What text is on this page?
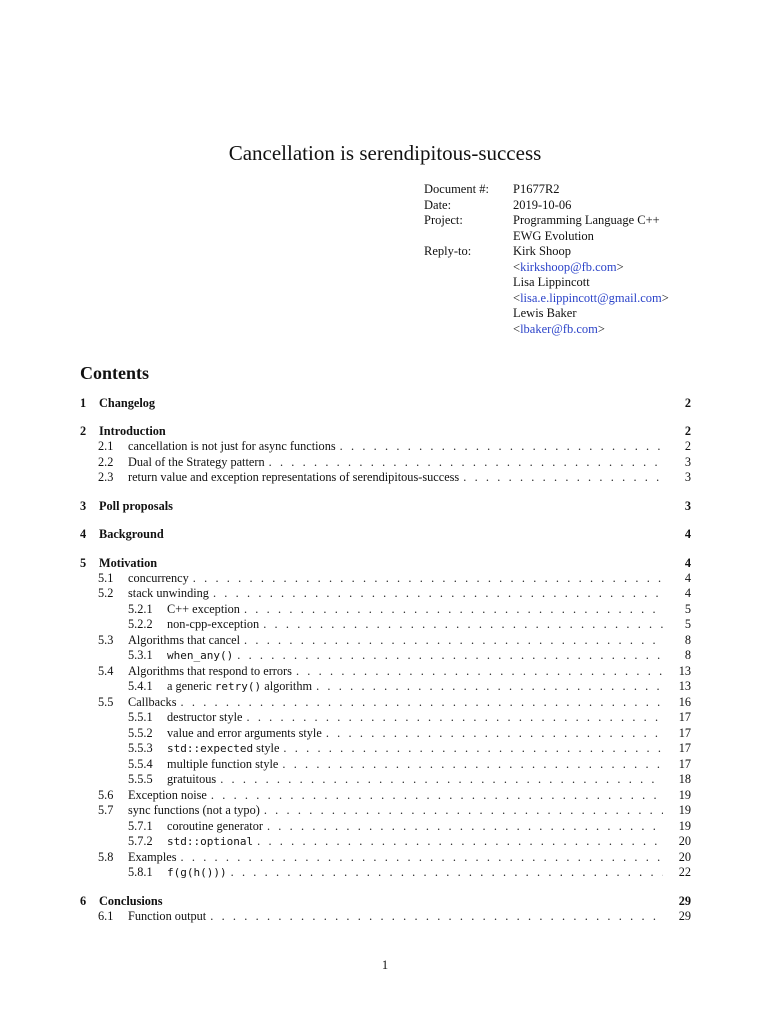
Cancellation is serendipitous-success
Document #:	P1677R2
Date:	2019-10-06
Project:	Programming Language C++
EWG Evolution
Reply-to:	Kirk Shoop
<kirkshoop@fb.com>
Lisa Lippincott
<lisa.e.lippincott@gmail.com>
Lewis Baker
<lbaker@fb.com>
Contents
1	Changelog	2
2	Introduction	2
2.1	cancellation is not just for async functions . . .	2
2.2	Dual of the Strategy pattern . . .	3
2.3	return value and exception representations of serendipitous-success . . .	3
3	Poll proposals	3
4	Background	4
5	Motivation	4
5.1	concurrency . . .	4
5.2	stack unwinding . . .	4
5.2.1	C++ exception . . .	5
5.2.2	non-cpp-exception . . .	5
5.3	Algorithms that cancel . . .	8
5.3.1	when_any() . . .	8
5.4	Algorithms that respond to errors . . .	13
5.4.1	a generic retry() algorithm . . .	13
5.5	Callbacks . . .	16
5.5.1	destructor style . . .	17
5.5.2	value and error arguments style . . .	17
5.5.3	std::expected style . . .	17
5.5.4	multiple function style . . .	17
5.5.5	gratuitous . . .	18
5.6	Exception noise . . .	19
5.7	sync functions (not a typo) . . .	19
5.7.1	coroutine generator . . .	19
5.7.2	std::optional . . .	20
5.8	Examples . . .	20
5.8.1	f(g(h())) . . .	22
6	Conclusions	29
6.1	Function output . . .	29
1
